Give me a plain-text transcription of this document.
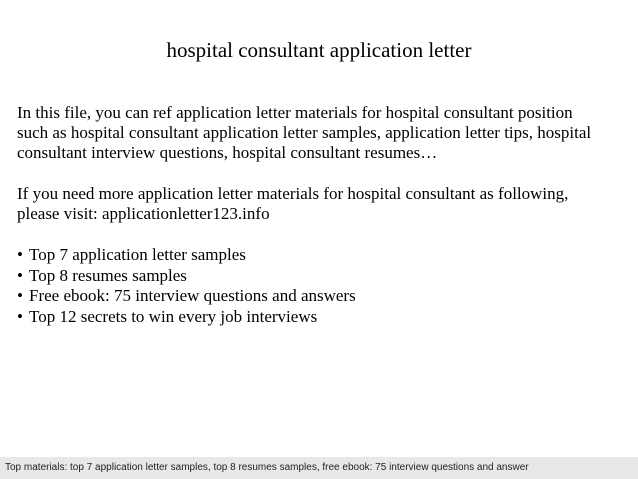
hospital consultant application letter

In this file, you can ref application letter materials for hospital consultant position
such as hospital consultant application letter samples, application letter tips, hospital
consultant interview questions, hospital consultant resumes…

If you need more application letter materials for hospital consultant as following,
please visit: applicationletter123.info

• Top 7 application letter samples
• Top 8 resumes samples
• Free ebook: 75 interview questions and answers
• Top 12 secrets to win every job interviews
Top materials: top 7 application letter samples, top 8 resumes samples, free ebook: 75 interview questions and answer
